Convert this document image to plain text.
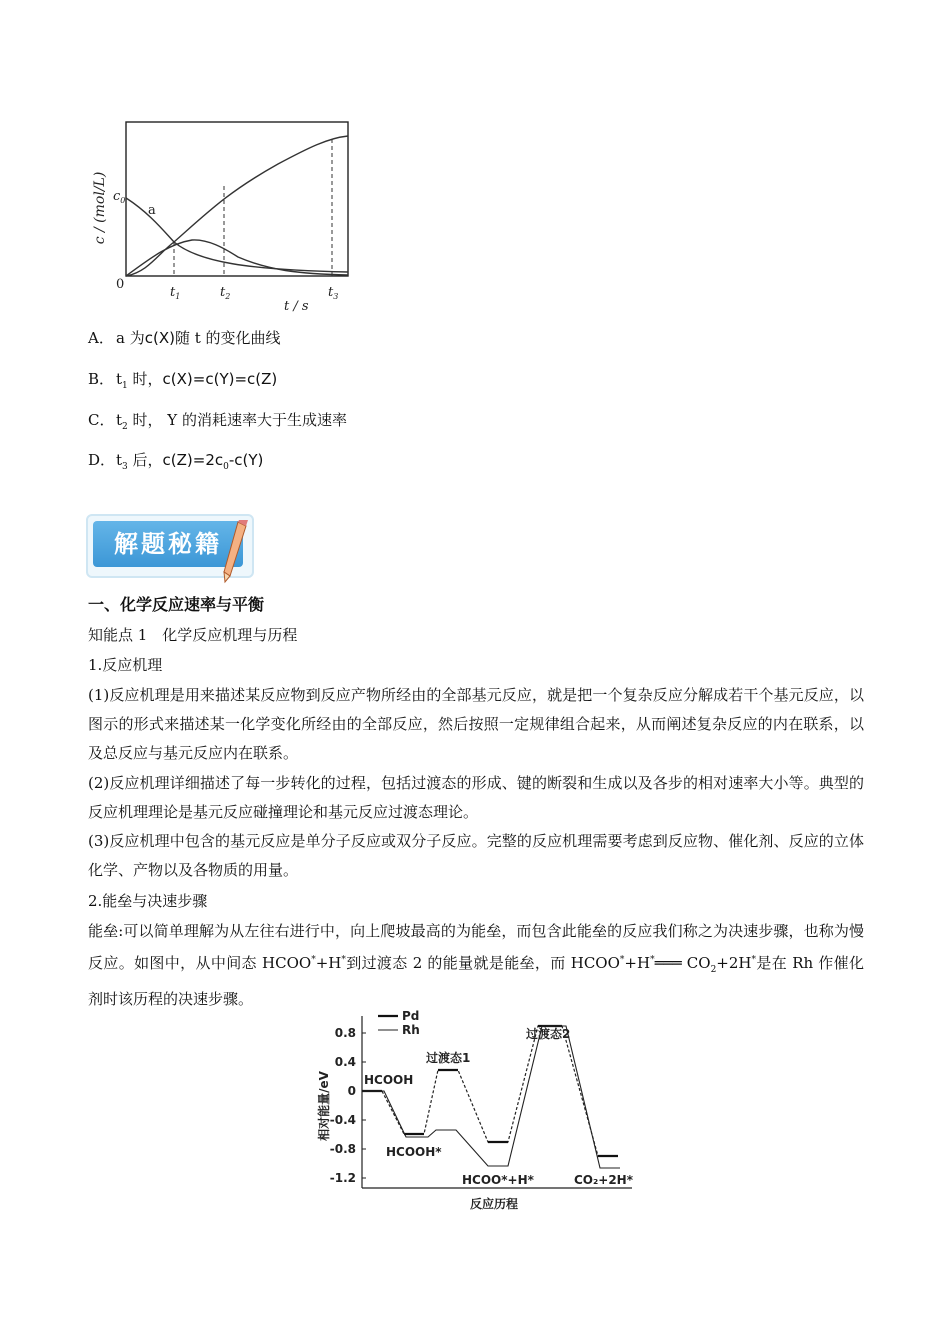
c / (mol/L) $c_0$
a
0
$t_1$	$t_2$	$t_3$
t / s
A． a 为c(X)随 t 的变化曲线
B． $t_1$ 时，c(X)=c(Y)=c(Z)
C． $t_2$ 时， Y 的消耗速率大于生成速率
D．$t_3$ 后，$c(Z)=2c_0-c(Y)$
解题秘籍
一、化学反应速率与平衡
知能点 1　化学反应机理与历程
1.反应机理
(1)反应机理是用来描述某反应物到反应产物所经由的全部基元反应，就是把一个复杂反应分解成若干个基元反应，以图示的形式来描述某一化学变化所经由的全部反应，然后按照一定规律组合起来，从而阐述复杂反应的内在联系，以及总反应与基元反应内在联系。
(2)反应机理详细描述了每一步转化的过程，包括过渡态的形成、键的断裂和生成以及各步的相对速率大小等。典型的反应机理理论是基元反应碰撞理论和基元反应过渡态理论。
(3)反应机理中包含的基元反应是单分子反应或双分子反应。完整的反应机理需要考虑到反应物、催化剂、反应的立体化学、产物以及各物质的用量。
2.能垒与决速步骤
能垒:可以简单理解为从左往右进行中，向上爬坡最高的为能垒，而包含此能垒的反应我们称之为决速步骤，也称为慢反应。如图中，从中间态 HCOO*+H*到过渡态 2 的能量就是能垒，而 HCOO*+H*═══ $CO_2+2H^*$是在 Rh 作催化剂时该历程的决速步骤。
0.8
0.4
0
-0.4
-0.8
-1.2
Pd
Rh
HCOOH
HCOOH*
过渡态1
HCOO*+H*
过渡态2
CO₂+2H*
相对能量/eV
反应历程
